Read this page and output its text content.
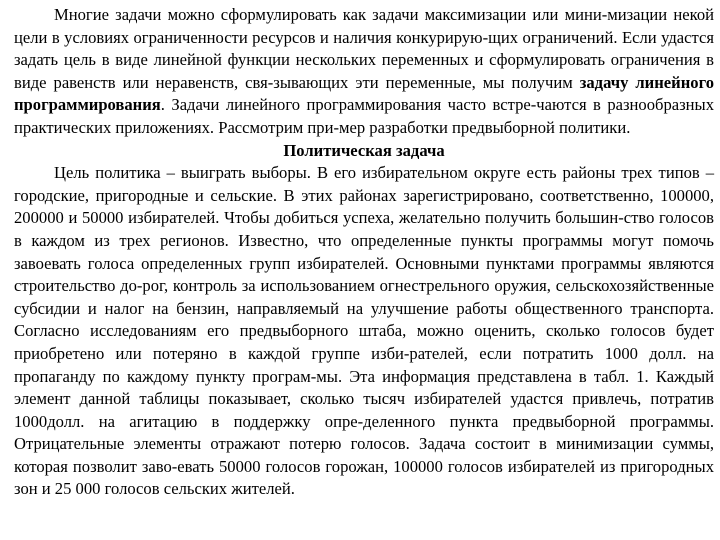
Многие задачи можно сформулировать как задачи максимизации или мини-мизации некой цели в условиях ограниченности ресурсов и наличия конкурирую-щих ограничений. Если удастся задать цель в виде линейной функции нескольких переменных и сформулировать ограничения в виде равенств или неравенств, свя-зывающих эти переменные, мы получим задачу линейного программирования. Задачи линейного программирования часто встре-чаются в разнообразных практических приложениях. Рассмотрим при-мер разработки предвыборной политики.

Политическая задача

Цель политика – выиграть выборы. В его избирательном округе есть районы трех типов – городские, пригородные и сельские. В этих районах зарегистрировано, соответственно, 100000, 200000 и 50000 избирателей. Чтобы добиться успеха, желательно получить большин-ство голосов в каждом из трех регионов. Известно, что определенные пункты программы могут помочь завоевать голоса определенных групп избирателей. Основными пунктами программы являются строительство до-рог, контроль за использованием огнестрельного оружия, сельскохозяйственные субсидии и налог на бензин, направляемый на улучшение работы общественного транспорта. Согласно исследованиям его предвыборного штаба, можно оценить, сколько голосов будет приобретено или потеряно в каждой группе изби-рателей, если потратить 1000 долл. на пропаганду по каждому пункту програм-мы. Эта информация представлена в табл. 1. Каждый элемент данной таблицы показывает, сколько тысяч избирателей удастся привлечь, потратив 1000долл. на агитацию в поддержку опре-деленного пункта предвыборной программы. Отрицательные элементы отражают потерю голосов. Задача состоит в минимизации суммы, которая позволит заво-евать 50000 голосов горожан, 100000 голосов избирателей из пригородных зон и 25 000 голосов сельских жителей.
